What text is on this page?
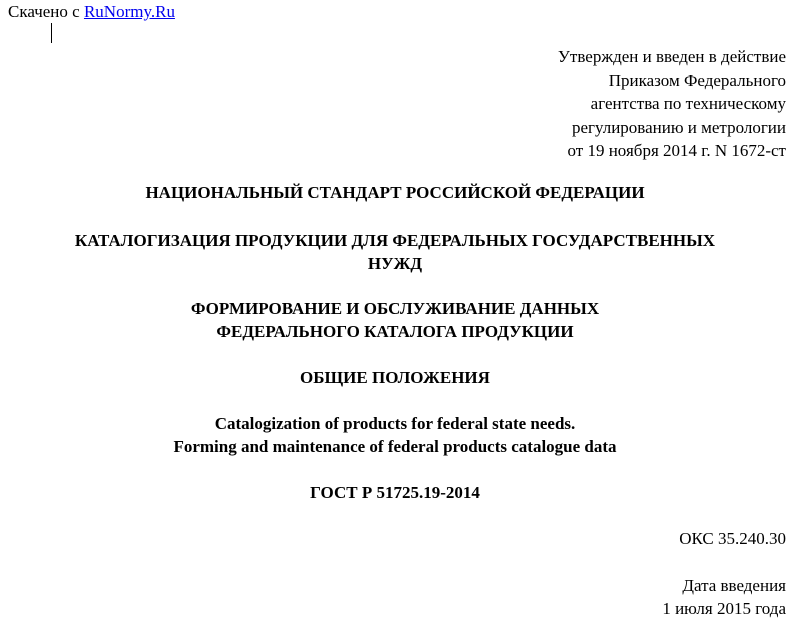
Скачено с RuNormy.Ru
Утвержден и введен в действие
Приказом Федерального
агентства по техническому
регулированию и метрологии
от 19 ноября 2014 г. N 1672-ст
НАЦИОНАЛЬНЫЙ СТАНДАРТ РОССИЙСКОЙ ФЕДЕРАЦИИ
КАТАЛОГИЗАЦИЯ ПРОДУКЦИИ ДЛЯ ФЕДЕРАЛЬНЫХ ГОСУДАРСТВЕННЫХ
НУЖД
ФОРМИРОВАНИЕ И ОБСЛУЖИВАНИЕ ДАННЫХ
ФЕДЕРАЛЬНОГО КАТАЛОГА ПРОДУКЦИИ
ОБЩИЕ ПОЛОЖЕНИЯ
Catalogization of products for federal state needs.
Forming and maintenance of federal products catalogue data
ГОСТ Р 51725.19-2014
ОКС 35.240.30
Дата введения
1 июля 2015 года
